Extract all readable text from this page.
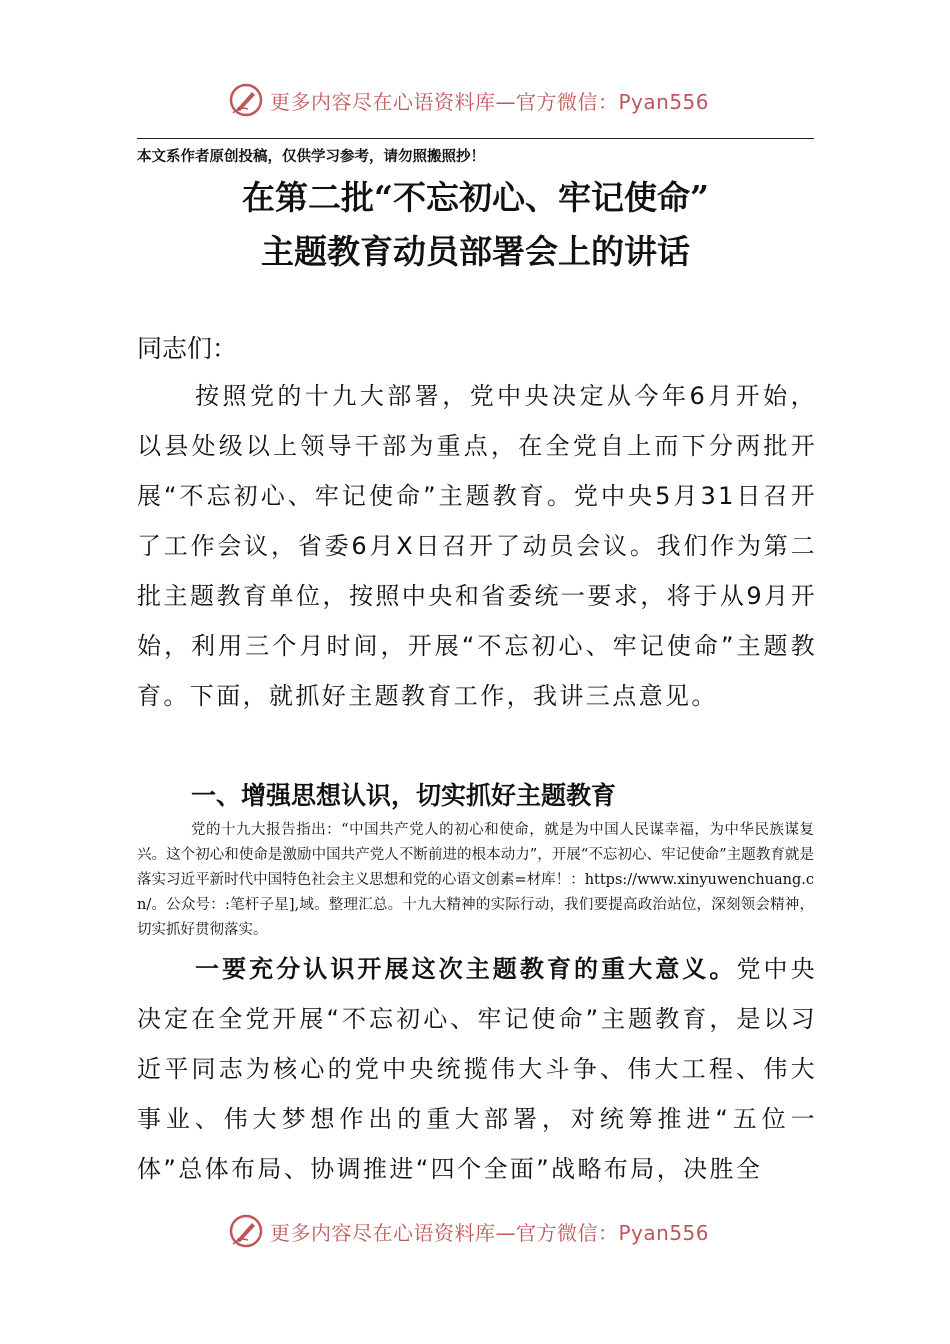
更多内容尽在心语资料库—官方微信：Pyan556
本文系作者原创投稿，仅供学习参考，请勿照搬照抄！
在第二批“不忘初心、牢记使命”
主题教育动员部署会上的讲话
同志们：

按照党的十九大部署，党中央决定从今年6月开始，以县处级以上领导干部为重点，在全党自上而下分两批开展“不忘初心、牢记使命”主题教育。党中央5月31日召开了工作会议，省委6月X日召开了动员会议。我们作为第二批主题教育单位，按照中央和省委统一要求，将于从9月开始，利用三个月时间，开展“不忘初心、牢记使命”主题教育。下面，就抓好主题教育工作，我讲三点意见。

一、增强思想认识，切实抓好主题教育

党的十九大报告指出：“中国共产党人的初心和使命，就是为中国人民谋幸福，为中华民族谋复兴。这个初心和使命是激励中国共产党人不断前进的根本动力”，开展“不忘初心、牢记使命”主题教育就是落实习近平新时代中国特色社会主义思想和党的心语文创素=材库！：https://www.xinyuwenchuang.cn/。公众号：:笔杆子星],域。整理汇总。十九大精神的实际行动，我们要提高政治站位，深刻领会精神，切实抓好贯彻落实。

一要充分认识开展这次主题教育的重大意义。党中央决定在全党开展“不忘初心、牢记使命”主题教育，是以习近平同志为核心的党中央统揽伟大斗争、伟大工程、伟大事业、伟大梦想作出的重大部署，对统筹推进“五位一体”总体布局、协调推进“四个全面”战略布局，决胜全

更多内容尽在心语资料库—官方微信：Pyan556
